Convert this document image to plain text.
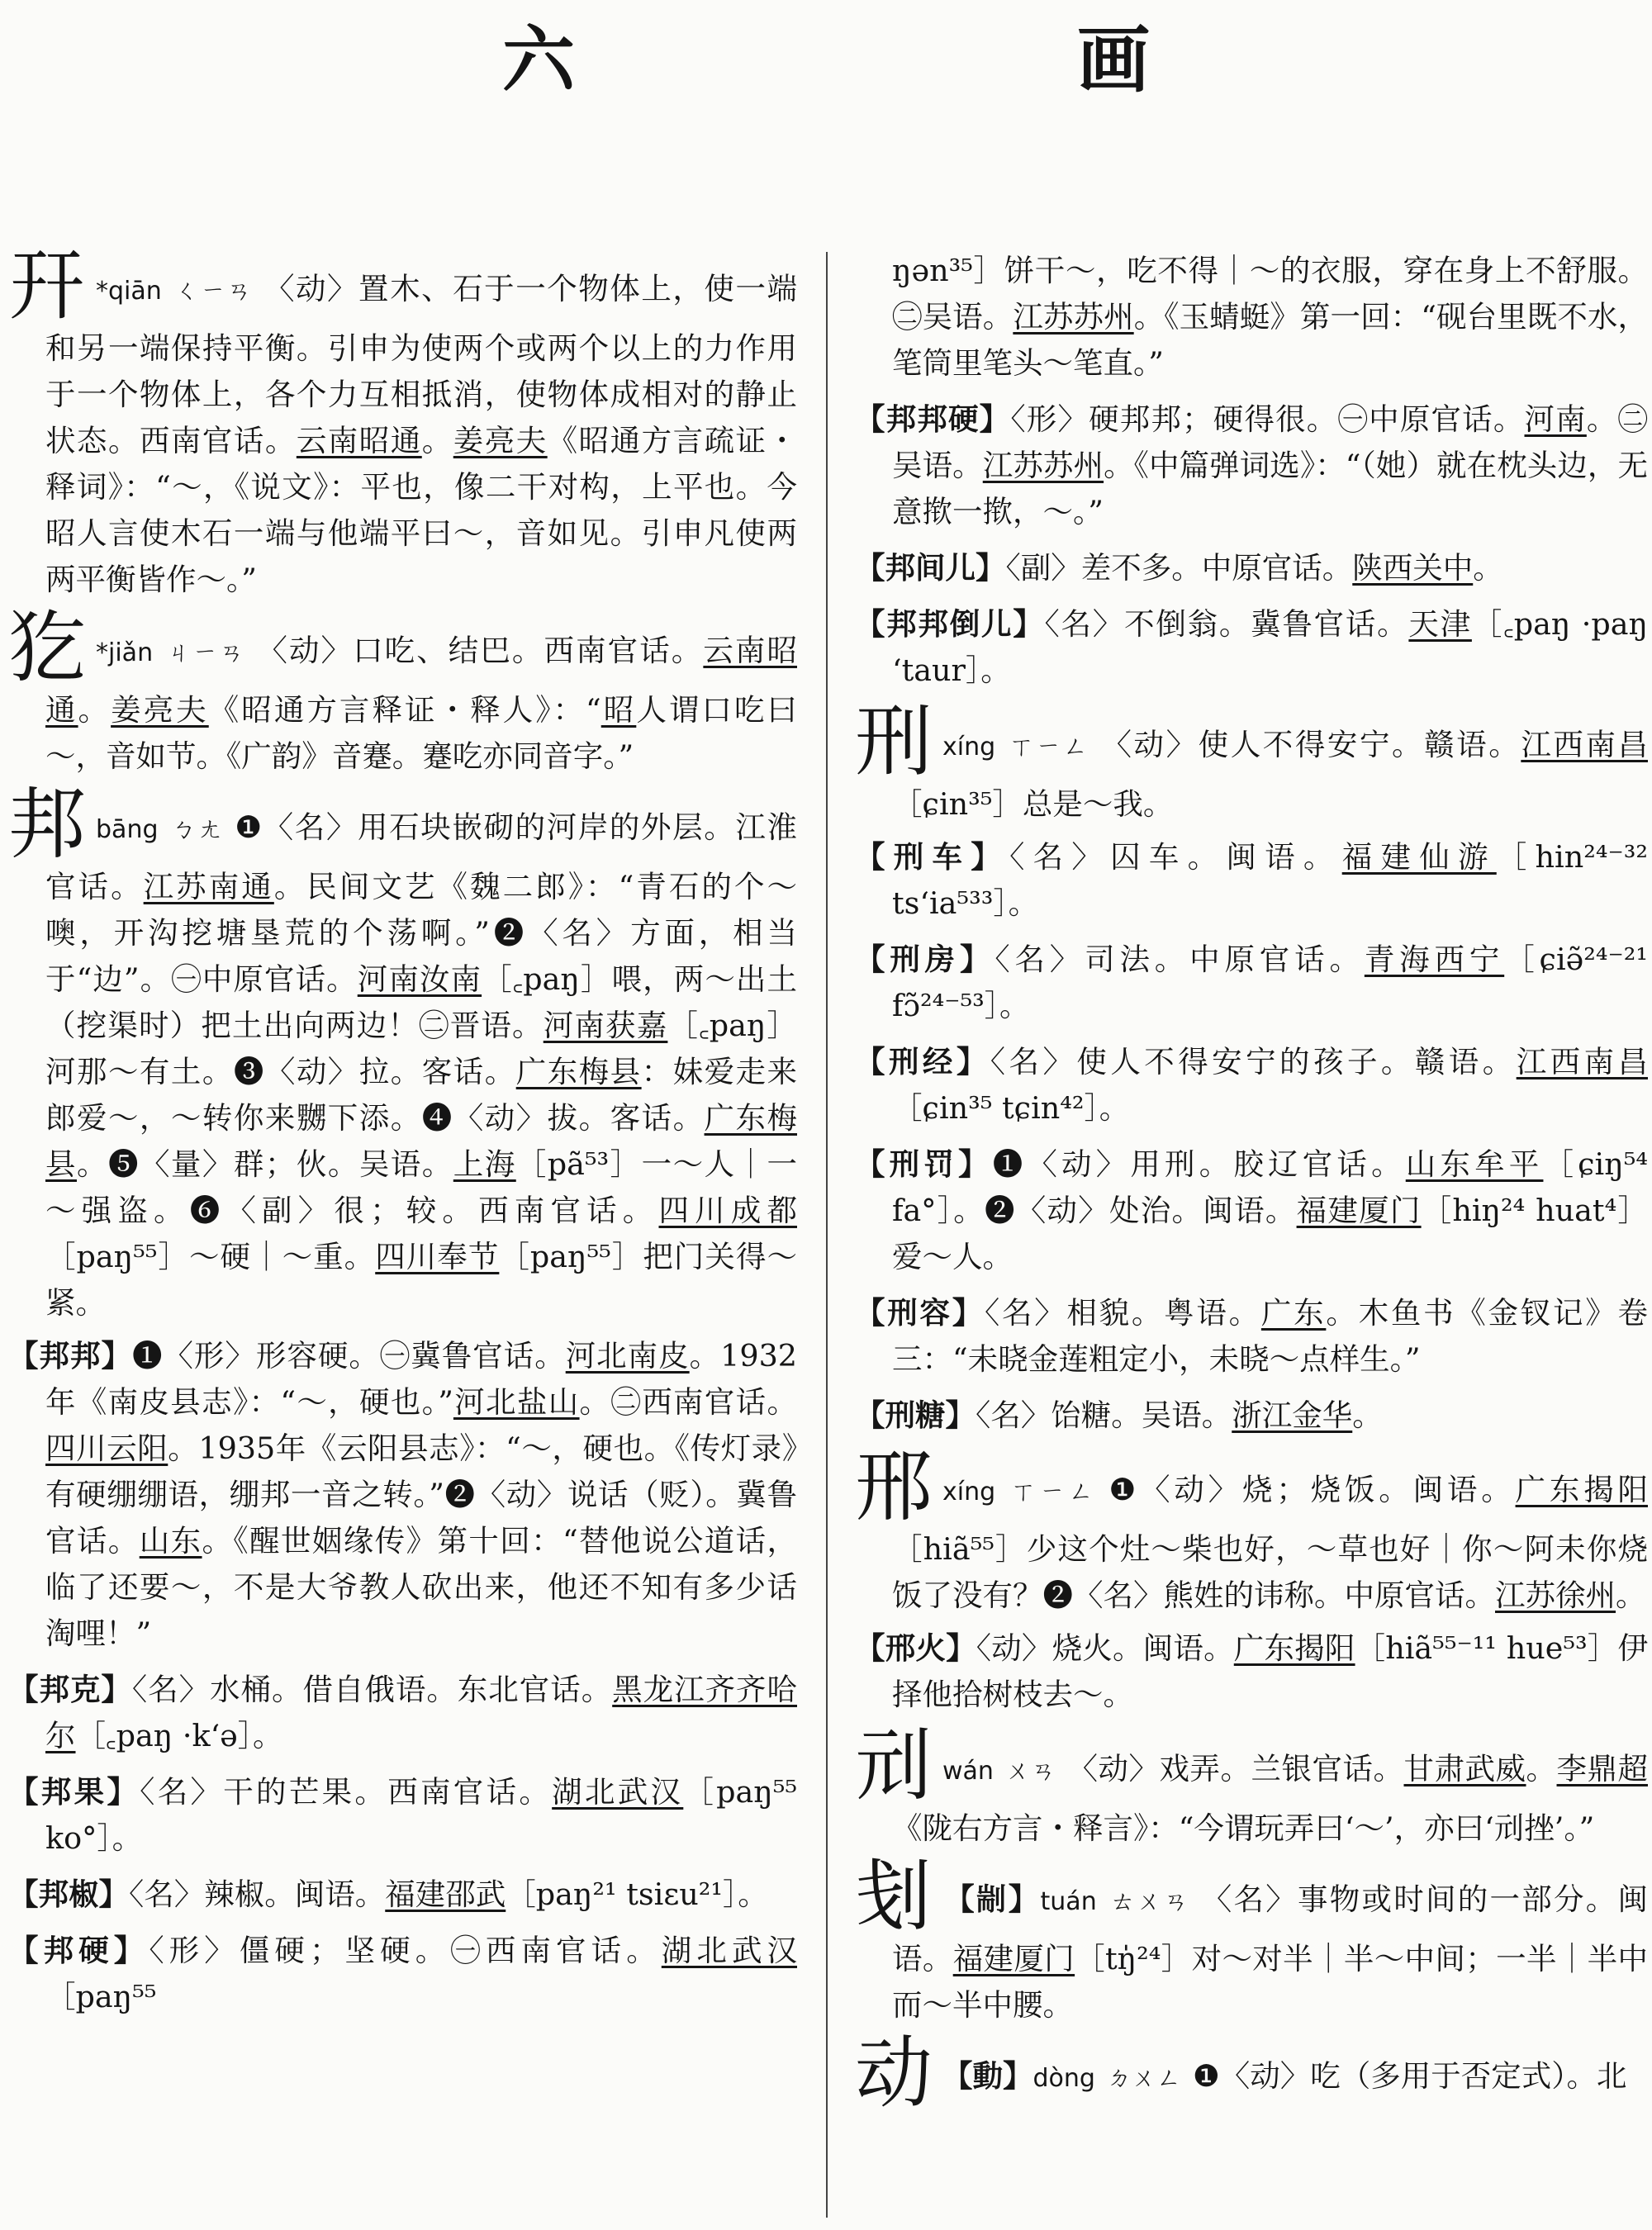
六　画
幵 *qiān ㄑㄧㄢ 〈动〉置木、石于一个物体上，使一端和另一端保持平衡。引申为使两个或两个以上的力作用于一个物体上，各个力互相抵消，使物体成相对的静止状态。西南官话。云南昭通。姜亮夫《昭通方言疏证・释词》：“～，《说文》：平也，像二干对构，上平也。今昭人言使木石一端与他端平曰～，音如见。引申凡使两两平衡皆作～。”
犵 *jiǎn ㄐㄧㄢ 〈动〉口吃、结巴。西南官话。云南昭通。姜亮夫《昭通方言释证・释人》：“昭人谓口吃曰～，音如节。《广韵》音蹇。蹇吃亦同音字。”
邦bāng ㄅㄤ ❶〈名〉用石块嵌砌的河岸的外层。江淮官话。江苏南通。民间文艺《魏二郎》：“青石的个～噢，开沟挖塘垦荒的个荡啊。”❷〈名〉方面，相当于“边”。㊀中原官话。河南汝南［꜀paŋ］喂，两～出土（挖渠时）把土出向两边！㊁晋语。河南获嘉［꜀paŋ］河那～有土。❸〈动〉拉。客话。广东梅县：妹爱走来郎爱～，～转你来嬲下添。❹〈动〉拔。客话。广东梅县。❺〈量〉群；伙。吴语。上海［pã⁵³］一～人｜一～强盗。❻〈副〉很；较。西南官话。四川成都［paŋ⁵⁵］～硬｜～重。四川奉节［paŋ⁵⁵］把门关得～紧。
【邦邦】❶〈形〉形容硬。㊀冀鲁官话。河北南皮。1932年《南皮县志》：“～，硬也。”河北盐山。㊁西南官话。四川云阳。1935年《云阳县志》：“～，硬也。《传灯录》有硬绷绷语，绷邦一音之转。”❷〈动〉说话（贬）。冀鲁官话。山东。《醒世姻缘传》第十回：“替他说公道话，临了还要～，不是大爷教人砍出来，他还不知有多少话淘哩！”
【邦克】〈名〉水桶。借自俄语。东北官话。黑龙江齐齐哈尔［꜀paŋ ·k‘ə］。
【邦果】〈名〉干的芒果。西南官话。湖北武汉［paŋ⁵⁵ ko°］。
【邦椒】〈名〉辣椒。闽语。福建邵武［paŋ²¹ tsiɛu²¹］。
【邦硬】〈形〉僵硬；坚硬。㊀西南官话。湖北武汉［paŋ⁵⁵
ŋən³⁵］饼干～，吃不得｜～的衣服，穿在身上不舒服。㊁吴语。江苏苏州。《玉蜻蜓》第一回：“砚台里既不水，笔筒里笔头～笔直。”
【邦邦硬】〈形〉硬邦邦；硬得很。㊀中原官话。河南。㊁吴语。江苏苏州。《中篇弹词选》：“（她）就在枕头边，无意揿一揿，～。”
【邦间儿】〈副〉差不多。中原官话。陕西关中。
【邦邦倒儿】〈名〉不倒翁。冀鲁官话。天津［꜀paŋ ·paŋ ‘taur］。
刑xíng ㄒㄧㄥ 〈动〉使人不得安宁。赣语。江西南昌［ɕin³⁵］总是～我。
【刑车】〈名〉囚车。闽语。福建仙游［hin²⁴⁻³² ts‘ia⁵³³］。
【刑房】〈名〉司法。中原官话。青海西宁［ɕiə̃²⁴⁻²¹ fɔ̃²⁴⁻⁵³］。
【刑经】〈名〉使人不得安宁的孩子。赣语。江西南昌［ɕin³⁵ tɕin⁴²］。
【刑罚】❶〈动〉用刑。胶辽官话。山东牟平［ɕiŋ⁵⁴ fa°］。❷〈动〉处治。闽语。福建厦门［hiŋ²⁴ huat⁴］爱～人。
【刑容】〈名〉相貌。粤语。广东。木鱼书《金钗记》卷三：“未晓金莲粗定小，未晓～点样生。”
【刑糖】〈名〉饴糖。吴语。浙江金华。
邢xíng ㄒㄧㄥ ❶〈动〉烧；烧饭。闽语。广东揭阳［hiã⁵⁵］少这个灶～柴也好，～草也好｜你～阿未你烧饭了没有？❷〈名〉熊姓的讳称。中原官话。江苏徐州。
【邢火】〈动〉烧火。闽语。广东揭阳［hiã⁵⁵⁻¹¹ hue⁵³］伊择他拾树枝去～。
刓wán ㄨㄢ 〈动〉戏弄。兰银官话。甘肃武威。李鼎超《陇右方言・释言》：“今谓玩弄曰‘～’，亦曰‘刓挫’。”
刬 【剬】tuán ㄊㄨㄢ 〈名〉事物或时间的一部分。闽语。福建厦门［tŋ̍²⁴］对～对半｜半～中间；一半｜半中而～半中腰。
动 【動】dòng ㄉㄨㄥ ❶〈动〉吃（多用于否定式）。北
